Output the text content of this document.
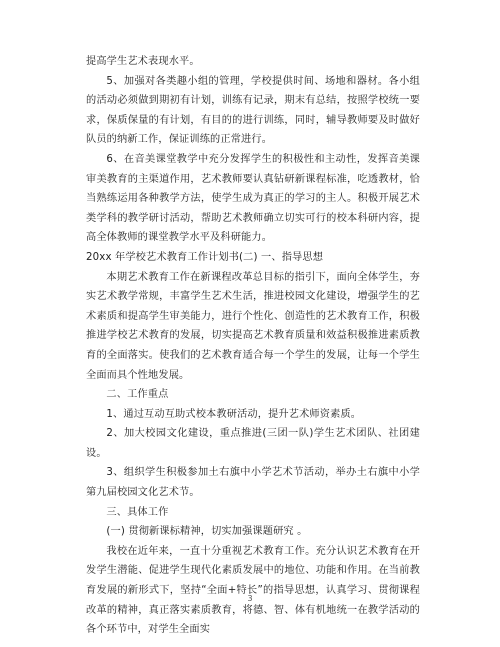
提高学生艺术表现水平。

5、加强对各类趣小组的管理，学校提供时间、场地和器材。各小组的活动必须做到期初有计划，训练有记录，期末有总结，按照学校统一要求，保质保量的有计划，有目的的进行训练，同时，辅导教师要及时做好队员的纳新工作，保证训练的正常进行。

6、在音美课堂教学中充分发挥学生的积极性和主动性，发挥音美课审美教育的主渠道作用，艺术教师要认真钻研新课程标准，吃透教材，恰当熟练运用各种教学方法，使学生成为真正的学习的主人。积极开展艺术类学科的教学研讨活动，帮助艺术教师确立切实可行的校本科研内容，提高全体教师的课堂教学水平及科研能力。

20xx 年学校艺术教育工作计划书(二) 一、指导思想

本期艺术教育工作在新课程改革总目标的指引下，面向全体学生，夯实艺术教学常规，丰富学生艺术生活，推进校园文化建设，增强学生的艺术素质和提高学生审美能力，进行个性化、创造性的艺术教育工作，积极推进学校艺术教育的发展，切实提高艺术教育质量和效益积极推进素质教育的全面落实。使我们的艺术教育适合每一个学生的发展，让每一个学生全面而具个性地发展。

二、工作重点

1、通过互动互助式校本教研活动，提升艺术师资素质。

2、加大校园文化建设，重点推进(三团一队)学生艺术团队、社团建设。

3、组织学生积极参加土右旗中小学艺术节活动，举办土右旗中小学第九届校园文化艺术节。

三、具体工作

(一) 贯彻新课标精神，切实加强课题研究 。

我校在近年来，一直十分重视艺术教育工作。充分认识艺术教育在开发学生潜能、促进学生现代化素质发展中的地位、功能和作用。在当前教育发展的新形式下，坚持“全面+特长”的指导思想，认真学习、贯彻课程改革的精神，真正落实素质教育，将德、智、体有机地统一在教学活动的各个环节中，对学生全面实

3
